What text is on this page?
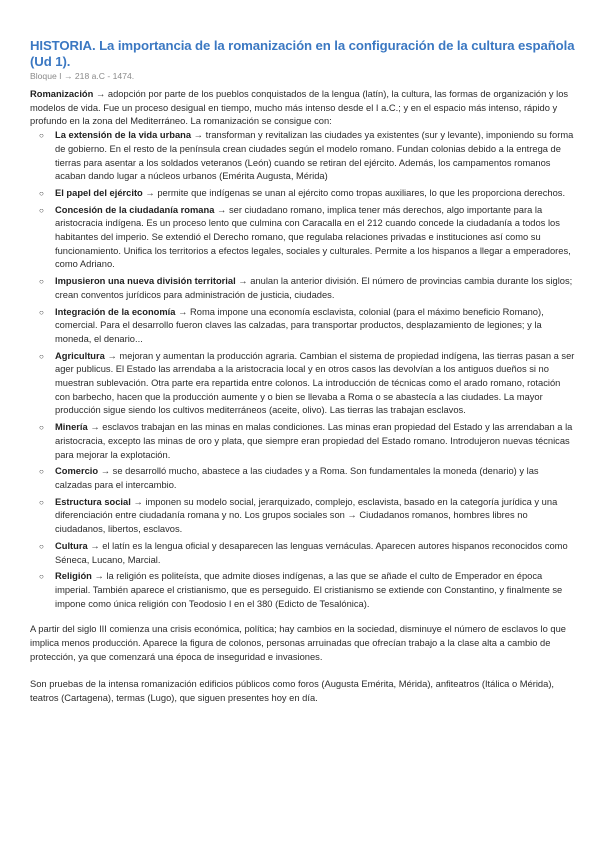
HISTORIA. La importancia de la romanización en la configuración de la cultura española (Ud 1).
Bloque I → 218 a.C - 1474.

Romanización → adopción por parte de los pueblos conquistados de la lengua (latín), la cultura, las formas de organización y los modelos de vida. Fue un proceso desigual en tiempo, mucho más intenso desde el I a.C.; y en el espacio más intenso, rápido y profundo en la zona del Mediterráneo. La romanización se consigue con:

○ La extensión de la vida urbana → transforman y revitalizan las ciudades ya existentes (sur y levante), imponiendo su forma de gobierno. En el resto de la península crean ciudades según el modelo romano. Fundan colonias debido a la entrega de tierras para asentar a los soldados veteranos (León) cuando se retiran del ejército. Además, los campamentos romanos acaban dando lugar a núcleos urbanos (Emérita Augusta, Mérida)
○ El papel del ejército → permite que indígenas se unan al ejército como tropas auxiliares, lo que les proporciona derechos.
○ Concesión de la ciudadanía romana → ser ciudadano romano, implica tener más derechos, algo importante para la aristocracia indígena. Es un proceso lento que culmina con Caracalla en el 212 cuando concede la ciudadanía a todos los habitantes del imperio. Se extendió el Derecho romano, que regulaba relaciones privadas e instituciones así como su funcionamiento. Unifica los territorios a efectos legales, sociales y culturales. Permite a los hispanos a llegar a emperadores, como Adriano.
○ Impusieron una nueva división territorial → anulan la anterior división. El número de provincias cambia durante los siglos; crean conventos jurídicos para administración de justicia, ciudades.
○ Integración de la economía → Roma impone una economía esclavista, colonial (para el máximo beneficio Romano), comercial. Para el desarrollo fueron claves las calzadas, para transportar productos, desplazamiento de legiones; y la moneda, el denario...
○ Agricultura → mejoran y aumentan la producción agraria. Cambian el sistema de propiedad indígena, las tierras pasan a ser ager publicus. El Estado las arrendaba a la aristocracia local y en otros casos las devolvían a los antiguos dueños si no muestran sublevación. Otra parte era repartida entre colonos. La introducción de técnicas como el arado romano, rotación con barbecho, hacen que la producción aumente y o bien se llevaba a Roma o se abastecía a las ciudades. La mayor producción sigue siendo los cultivos mediterráneos (aceite, olivo). Las tierras las trabajan esclavos.
○ Minería → esclavos trabajan en las minas en malas condiciones. Las minas eran propiedad del Estado y las arrendaban a la aristocracia, excepto las minas de oro y plata, que siempre eran propiedad del Estado romano. Introdujeron nuevas técnicas para mejorar la explotación.
○ Comercio → se desarrolló mucho, abastece a las ciudades y a Roma. Son fundamentales la moneda (denario) y las calzadas para el intercambio.
○ Estructura social → imponen su modelo social, jerarquizado, complejo, esclavista, basado en la categoría jurídica y una diferenciación entre ciudadanía romana y no. Los grupos sociales son → Ciudadanos romanos, hombres libres no ciudadanos, libertos, esclavos.
○ Cultura → el latín es la lengua oficial y desaparecen las lenguas vernáculas. Aparecen autores hispanos reconocidos como Séneca, Lucano, Marcial.
○ Religión → la religión es politeísta, que admite dioses indígenas, a las que se añade el culto de Emperador en época imperial. También aparece el cristianismo, que es perseguido. El cristianismo se extiende con Constantino, y finalmente se impone como única religión con Teodosio I en el 380 (Edicto de Tesalónica).

A partir del siglo III comienza una crisis económica, política; hay cambios en la sociedad, disminuye el número de esclavos lo que implica menos producción. Aparece la figura de colonos, personas arruinadas que ofrecían trabajo a la clase alta a cambio de protección, ya que comenzará una época de inseguridad e invasiones.

Son pruebas de la intensa romanización edificios públicos como foros (Augusta Emérita, Mérida), anfiteatros (Itálica o Mérida), teatros (Cartagena), termas (Lugo), que siguen presentes hoy en día.
